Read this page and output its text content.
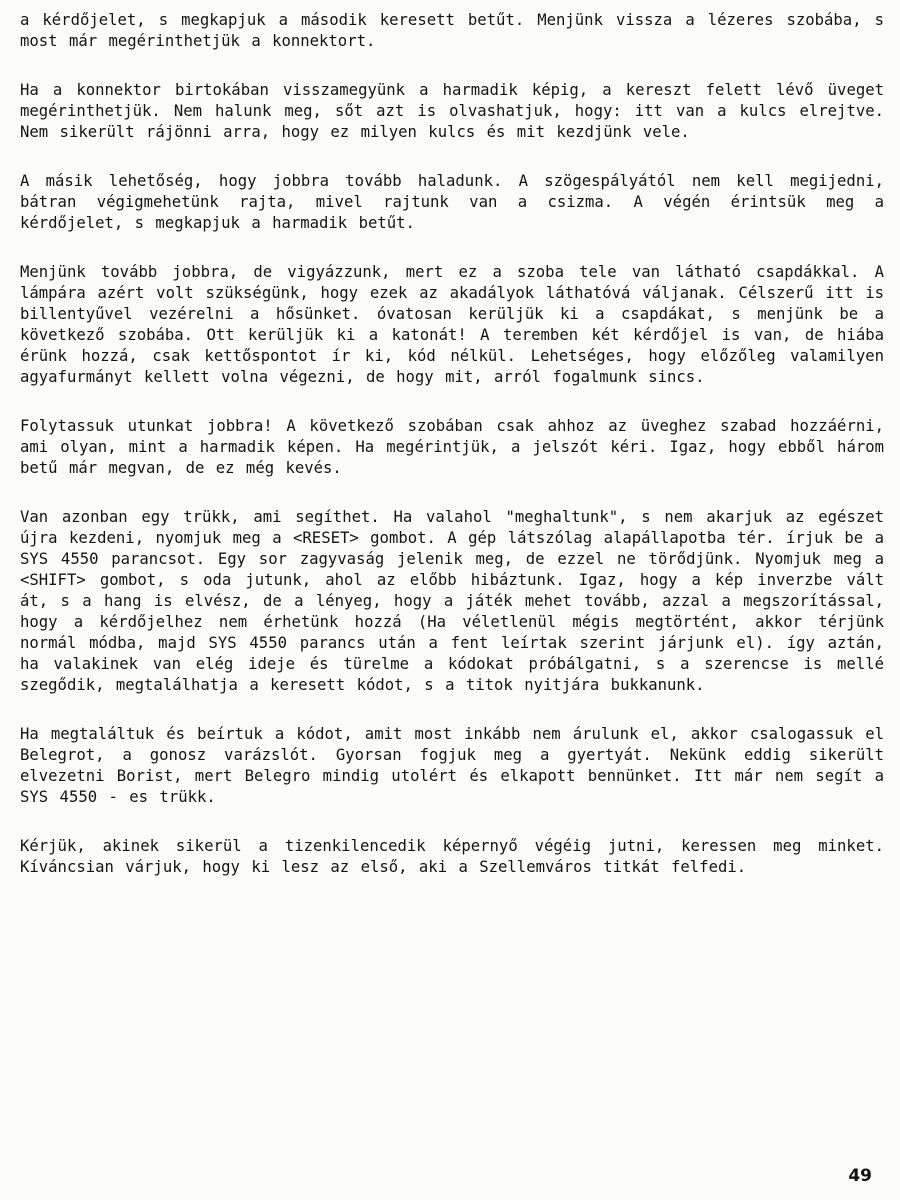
a kérdőjelet, s megkapjuk a második keresett betűt. Menjünk vissza a lézeres szobába, s most már megérinthetjük a konnektort.

Ha a konnektor birtokában visszamegyünk a harmadik képig, a kereszt felett lévő üveget megérinthetjük. Nem halunk meg, sőt azt is olvashatjuk, hogy: itt van a kulcs elrejtve. Nem sikerült rájönni arra, hogy ez milyen kulcs és mit kezdjünk vele.

A másik lehetőség, hogy jobbra tovább haladunk. A szögespályától nem kell megijedni, bátran végigmehetünk rajta, mivel rajtunk van a csizma. A végén érintsük meg a kérdőjelet, s megkapjuk a harmadik betűt.

Menjünk tovább jobbra, de vigyázzunk, mert ez a szoba tele van látható csapdákkal. A lámpára azért volt szükségünk, hogy ezek az akadályok láthatóvá váljanak. Célszerű itt is billentyűvel vezérelni a hősünket. óvatosan kerüljük ki a csapdákat, s menjünk be a következő szobába. Ott kerüljük ki a katonát! A teremben két kérdőjel is van, de hiába érünk hozzá, csak kettőspontot ír ki, kód nélkül. Lehetséges, hogy előzőleg valamilyen agyafurmányt kellett volna végezni, de hogy mit, arról fogalmunk sincs.

Folytassuk utunkat jobbra! A következő szobában csak ahhoz az üveghez szabad hozzáérni, ami olyan, mint a harmadik képen. Ha megérintjük, a jelszót kéri. Igaz, hogy ebből három betű már megvan, de ez még kevés.

Van azonban egy trükk, ami segíthet. Ha valahol "meghaltunk", s nem akarjuk az egészet újra kezdeni, nyomjuk meg a <RESET> gombot. A gép látszólag alapállapotba tér. írjuk be a SYS 4550 parancsot. Egy sor zagyvaság jelenik meg, de ezzel ne törődjünk. Nyomjuk meg a <SHIFT> gombot, s oda jutunk, ahol az előbb hibáztunk. Igaz, hogy a kép inverzbe vált át, s a hang is elvész, de a lényeg, hogy a játék mehet tovább, azzal a megszorítással, hogy a kérdőjelhez nem érhetünk hozzá (Ha véletlenül mégis megtörtént, akkor térjünk normál módba, majd SYS 4550 parancs után a fent leírtak szerint járjunk el). így aztán, ha valakinek van elég ideje és türelme a kódokat próbálgatni, s a szerencse is mellé szegődik, megtalálhatja a keresett kódot, s a titok nyitjára bukkanunk.

Ha megtaláltuk és beírtuk a kódot, amit most inkább nem árulunk el, akkor csalogassuk el Belegrot, a gonosz varázslót. Gyorsan fogjuk meg a gyertyát. Nekünk eddig sikerült elvezetni Borist, mert Belegro mindig utolért és elkapott bennünket. Itt már nem segít a SYS 4550 - es trükk.

Kérjük, akinek sikerül a tizenkilencedik képernyő végéig jutni, keressen meg minket. Kíváncsian várjuk, hogy ki lesz az első, aki a Szellemváros titkát felfedi.

49
